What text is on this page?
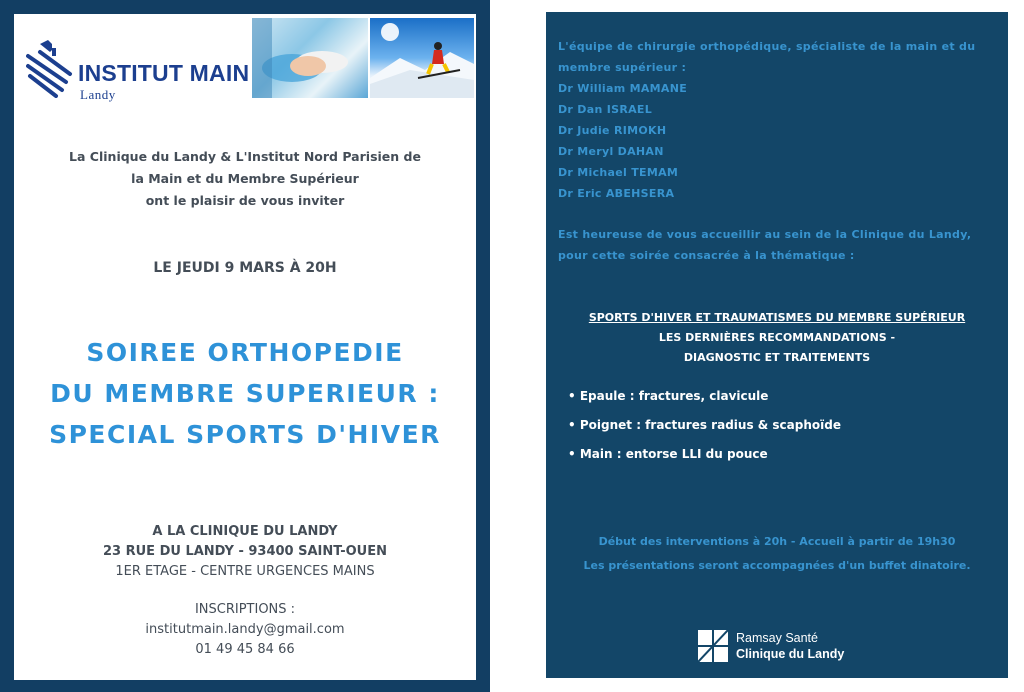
INSTITUT MAIN
Landy
La Clinique du Landy & L'Institut Nord Parisien de
la Main et du Membre Supérieur
ont le plaisir de vous inviter
LE JEUDI 9 MARS À 20H
SOIREE ORTHOPEDIE
DU MEMBRE SUPERIEUR :
SPECIAL SPORTS D'HIVER
A LA CLINIQUE DU LANDY
23 RUE DU LANDY - 93400 SAINT-OUEN
1ER ETAGE - CENTRE URGENCES MAINS
INSCRIPTIONS :
institutmain.landy@gmail.com
01 49 45 84 66
L'équipe de chirurgie orthopédique, spécialiste de la main et du
membre supérieur :
Dr William MAMANE
Dr Dan ISRAEL
Dr Judie RIMOKH
Dr Meryl DAHAN
Dr Michael TEMAM
Dr Eric ABEHSERA
Est heureuse de vous accueillir au sein de la Clinique du Landy,
pour cette soirée consacrée à la thématique :
SPORTS D'HIVER ET TRAUMATISMES DU MEMBRE SUPÉRIEUR
LES DERNIÈRES RECOMMANDATIONS -
DIAGNOSTIC ET TRAITEMENTS
• Epaule : fractures, clavicule
• Poignet : fractures radius & scaphoïde
• Main : entorse LLI du pouce
Début des interventions à 20h - Accueil à partir de 19h30
Les présentations seront accompagnées d'un buffet dinatoire.
Ramsay Santé
Clinique du Landy
